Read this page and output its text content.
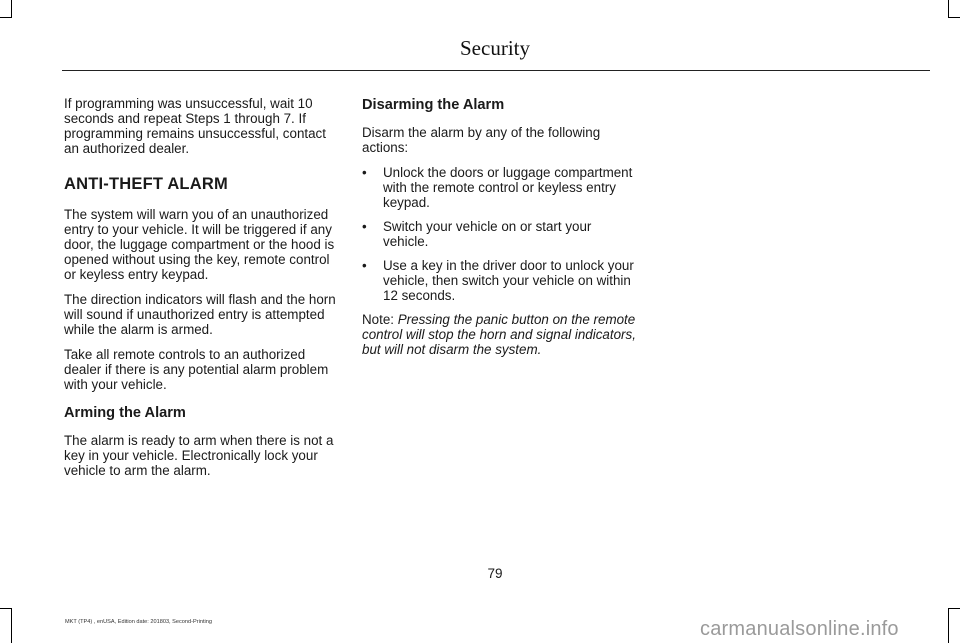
Security

If programming was unsuccessful, wait 10 seconds and repeat Steps 1 through 7. If programming remains unsuccessful, contact an authorized dealer.

ANTI-THEFT ALARM

The system will warn you of an unauthorized entry to your vehicle. It will be triggered if any door, the luggage compartment or the hood is opened without using the key, remote control or keyless entry keypad.

The direction indicators will flash and the horn will sound if unauthorized entry is attempted while the alarm is armed.

Take all remote controls to an authorized dealer if there is any potential alarm problem with your vehicle.

Arming the Alarm

The alarm is ready to arm when there is not a key in your vehicle. Electronically lock your vehicle to arm the alarm.

Disarming the Alarm

Disarm the alarm by any of the following actions:

• Unlock the doors or luggage compartment with the remote control or keyless entry keypad.
• Switch your vehicle on or start your vehicle.
• Use a key in the driver door to unlock your vehicle, then switch your vehicle on within 12 seconds.

Note: Pressing the panic button on the remote control will stop the horn and signal indicators, but will not disarm the system.

79
MKT (TP4) , enUSA, Edition date: 201803, Second-Printing	carmanualsonline.info
